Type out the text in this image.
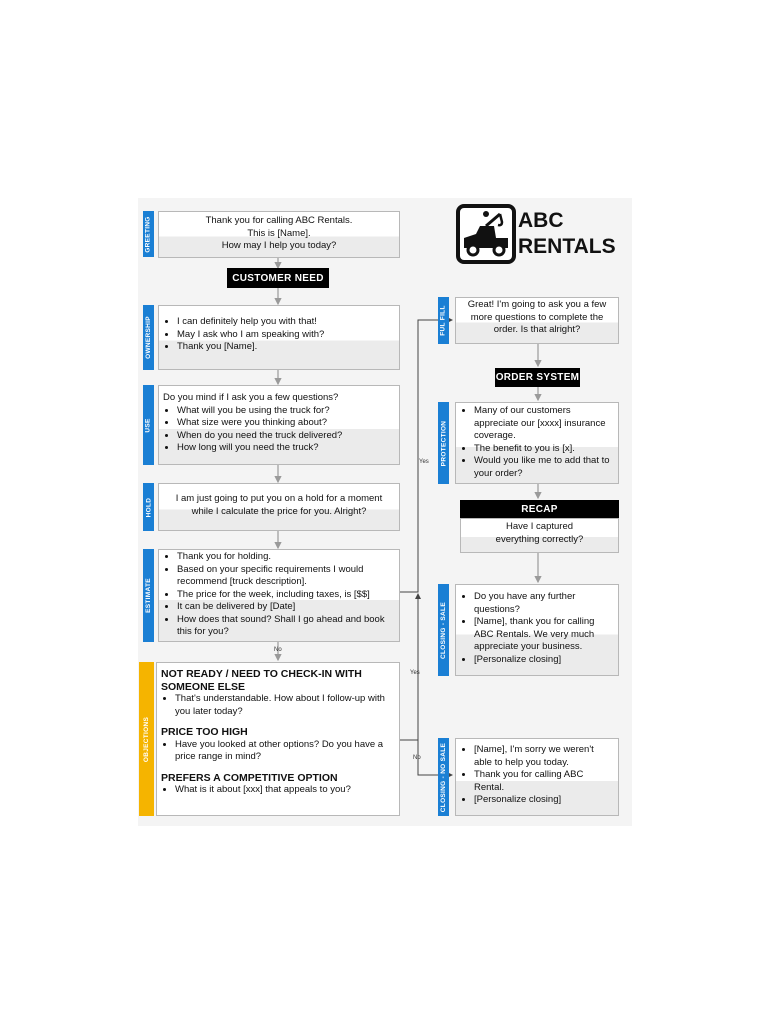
GREETING
OWNERSHIP
USE
HOLD
ESTIMATE
OBJECTIONS
FUL FILL
PROTECTION
CLOSING - SALE
CLOSING - NO SALE
Thank you for calling ABC Rentals.
This is [Name].
How may I help you today?
CUSTOMER NEED
• I can definitely help you with that!
• May I ask who I am speaking with?
• Thank you [Name].
Do you mind if I ask you a few questions?
• What will you be using the truck for?
• What size were you thinking about?
• When do you need the truck delivered?
• How long will you need the truck?
I am just going to put you on a hold for a moment while I calculate the price for you. Alright?
• Thank you for holding.
• Based on your specific requirements I would recommend [truck description].
• The price for the week, including taxes, is [$$]
• It can be delivered by [Date]
• How does that sound? Shall I go ahead and book this for you?
NOT READY / NEED TO CHECK-IN WITH SOMEONE ELSE
• That's understandable. How about I follow-up with you later today?
PRICE TOO HIGH
• Have you looked at other options? Do you have a price range in mind?
PREFERS A COMPETITIVE OPTION
• What is it about [xxx] that appeals to you?
ABC
RENTALS
Great! I'm going to ask you a few more questions to complete the order. Is that alright?
ORDER SYSTEM
• Many of our customers appreciate our [xxxx] insurance coverage.
• The benefit to you is [x].
• Would you like me to add that to your order?
RECAP
Have I captured everything correctly?
• Do you have any further questions?
• [Name], thank you for calling ABC Rentals. We very much appreciate your business.
• [Personalize closing]
• [Name], I'm sorry we weren't able to help you today.
• Thank you for calling ABC Rental.
• [Personalize closing]
Yes
No
Yes
No
